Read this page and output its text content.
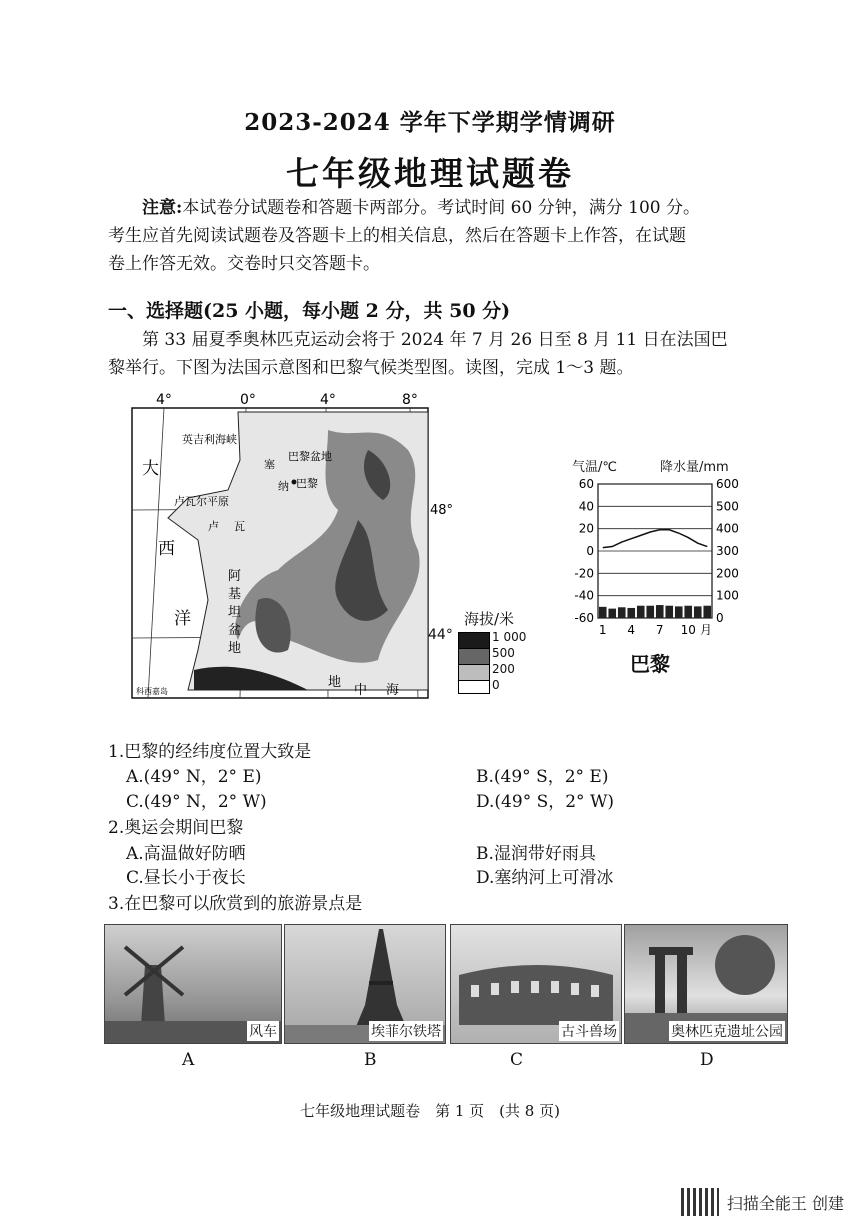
2023-2024 学年下学期学情调研
七年级地理试题卷
注意:本试卷分试题卷和答题卡两部分。考试时间 60 分钟，满分 100 分。
考生应首先阅读试题卷及答题卡上的相关信息，然后在答题卡上作答，在试题
卷上作答无效。交卷时只交答题卡。
一、选择题(25 小题，每小题 2 分，共 50 分)
第 33 届夏季奥林匹克运动会将于 2024 年 7 月 26 日至 8 月 11 日在法国巴
黎举行。下图为法国示意图和巴黎气候类型图。读图，完成 1～3 题。
英吉利海峡
巴黎盆地
塞
纳 巴黎
卢瓦尔平原
卢 瓦
大
西
洋
阿
基
坦
盆
地
地
中 海
科西嘉岛
4°	0°	4°	8°
48°
44°
海拔/米
1 000
500
200
0
气温/℃	降水量/mm
60	600
40	500
20	400
0	300
-20	200
-40	100
-60	0
1 4 7 10 月
巴黎
1.巴黎的经纬度位置大致是
A.(49° N，2° E)	B.(49° S，2° E)
C.(49° N，2° W)	D.(49° S，2° W)
2.奥运会期间巴黎
A.高温做好防晒	B.湿润带好雨具
C.昼长小于夜长	D.塞纳河上可滑冰
3.在巴黎可以欣赏到的旅游景点是
风车	埃菲尔铁塔	古斗兽场	奥林匹克遗址公园
A	B	C	D
七年级地理试题卷　第 1 页　(共 8 页)
扫描全能王 创建
